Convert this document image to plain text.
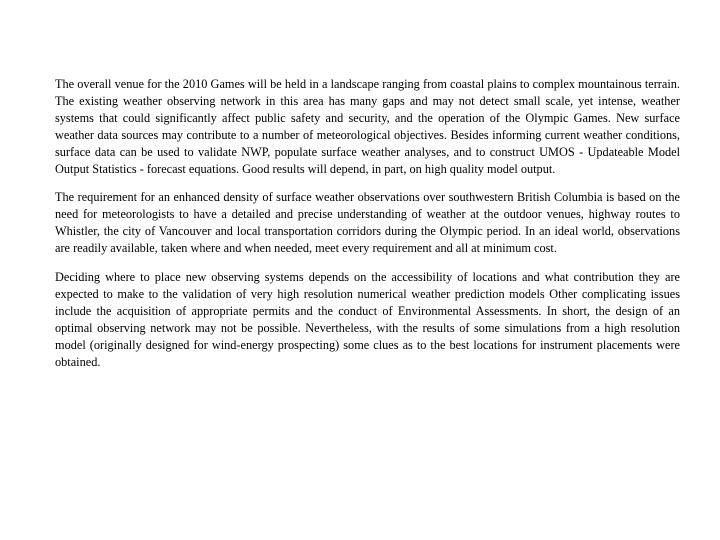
The overall venue for the 2010 Games will be held in a landscape ranging from coastal plains to complex mountainous terrain. The existing weather observing network in this area has many gaps and may not detect small scale, yet intense, weather systems that could significantly affect public safety and security, and the operation of the Olympic Games. New surface weather data sources may contribute to a number of meteorological objectives. Besides informing current weather conditions, surface data can be used to validate NWP, populate surface weather analyses, and to construct UMOS - Updateable Model Output Statistics - forecast equations. Good results will depend, in part, on high quality model output.

The requirement for an enhanced density of surface weather observations over southwestern British Columbia is based on the need for meteorologists to have a detailed and precise understanding of weather at the outdoor venues, highway routes to Whistler, the city of Vancouver and local transportation corridors during the Olympic period. In an ideal world, observations are readily available, taken where and when needed, meet every requirement and all at minimum cost.

Deciding where to place new observing systems depends on the accessibility of locations and what contribution they are expected to make to the validation of very high resolution numerical weather prediction models Other complicating issues include the acquisition of appropriate permits and the conduct of Environmental Assessments. In short, the design of an optimal observing network may not be possible. Nevertheless, with the results of some simulations from a high resolution model (originally designed for wind-energy prospecting) some clues as to the best locations for instrument placements were obtained.
